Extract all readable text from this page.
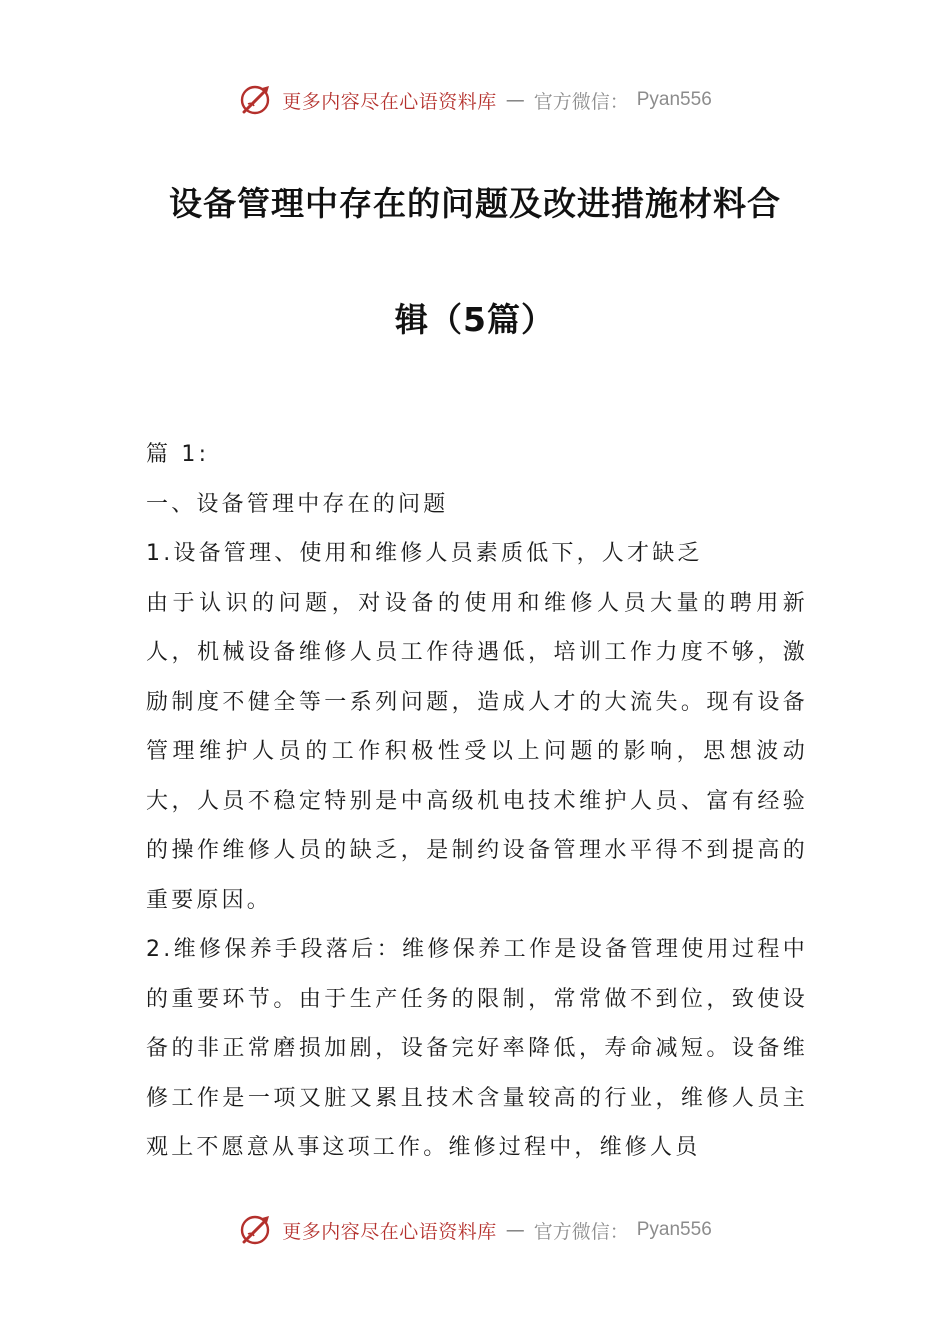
更多内容尽在心语资料库 — 官方微信： Pyan556
设备管理中存在的问题及改进措施材料合
辑（5篇）

篇 1:

一、设备管理中存在的问题

1.设备管理、使用和维修人员素质低下，人才缺乏

由于认识的问题，对设备的使用和维修人员大量的聘用新人，机械设备维修人员工作待遇低，培训工作力度不够，激励制度不健全等一系列问题，造成人才的大流失。现有设备管理维护人员的工作积极性受以上问题的影响，思想波动大，人员不稳定特别是中高级机电技术维护人员、富有经验的操作维修人员的缺乏，是制约设备管理水平得不到提高的重要原因。

2.维修保养手段落后：维修保养工作是设备管理使用过程中的重要环节。由于生产任务的限制，常常做不到位，致使设备的非正常磨损加剧，设备完好率降低，寿命减短。设备维修工作是一项又脏又累且技术含量较高的行业，维修人员主观上不愿意从事这项工作。维修过程中，维修人员

更多内容尽在心语资料库 — 官方微信： Pyan556
